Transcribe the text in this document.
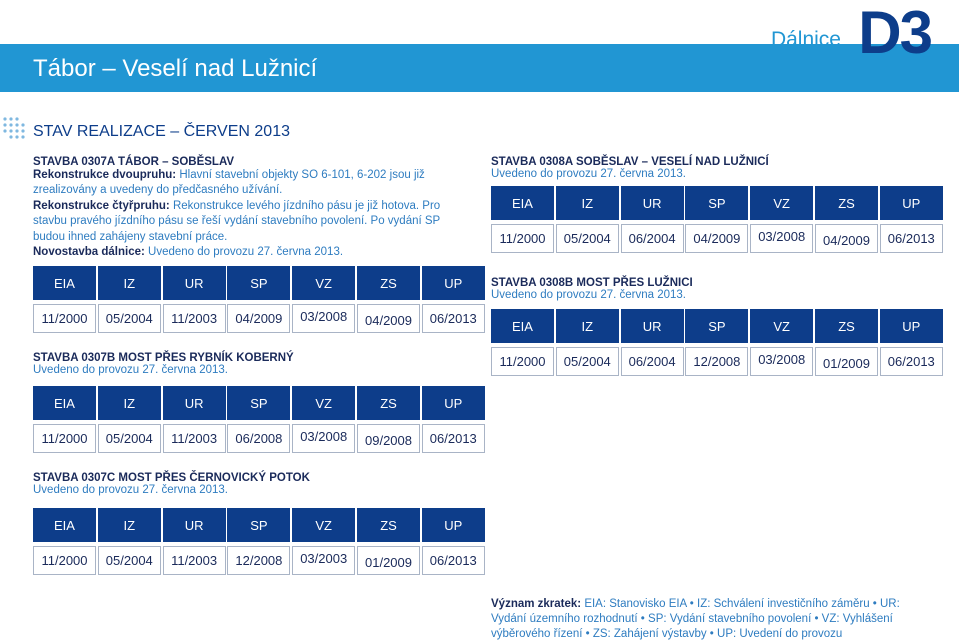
Tábor – Veselí nad Lužnicí
Dálnice D3
STAV REALIZACE – ČERVEN 2013
STAVBA 0307A TÁBOR – SOBĚSLAV
Rekonstrukce dvoupruhu: Hlavní stavební objekty SO 6-101, 6-202 jsou již zrealizovány a uvedeny do předčasného užívání.
Rekonstrukce čtyřpruhu: Rekonstrukce levého jízdního pásu je již hotova. Pro stavbu pravého jízdního pásu se řeší vydání stavebního povolení. Po vydání SP budou ihned zahájeny stavební práce.
Novostavba dálnice: Uvedeno do provozu 27. června 2013.
EIA
11/2000
IZ
05/2004
UR
11/2003
SP
04/2009
VZ
03/2008
ZS
04/2009
UP
06/2013
STAVBA 0307B MOST PŘES RYBNÍK KOBERNÝ
Uvedeno do provozu 27. června 2013.
EIA
11/2000
IZ
05/2004
UR
11/2003
SP
06/2008
VZ
03/2008
ZS
09/2008
UP
06/2013
STAVBA 0307C MOST PŘES ČERNOVICKÝ POTOK
Uvedeno do provozu 27. června 2013.
EIA
11/2000
IZ
05/2004
UR
11/2003
SP
12/2008
VZ
03/2003
ZS
01/2009
UP
06/2013
STAVBA 0308A SOBĚSLAV – VESELÍ NAD LUŽNICÍ
Uvedeno do provozu 27. června 2013.
EIA
11/2000
IZ
05/2004
UR
06/2004
SP
04/2009
VZ
03/2008
ZS
04/2009
UP
06/2013
STAVBA 0308B MOST PŘES LUŽNICI
Uvedeno do provozu 27. června 2013.
EIA
11/2000
IZ
05/2004
UR
06/2004
SP
12/2008
VZ
03/2008
ZS
01/2009
UP
06/2013
Význam zkratek: EIA: Stanovisko EIA • IZ: Schválení investičního záměru • UR: Vydání územního rozhodnutí • SP: Vydání stavebního povolení • VZ: Vyhlášení výběrového řízení • ZS: Zahájení výstavby • UP: Uvedení do provozu
